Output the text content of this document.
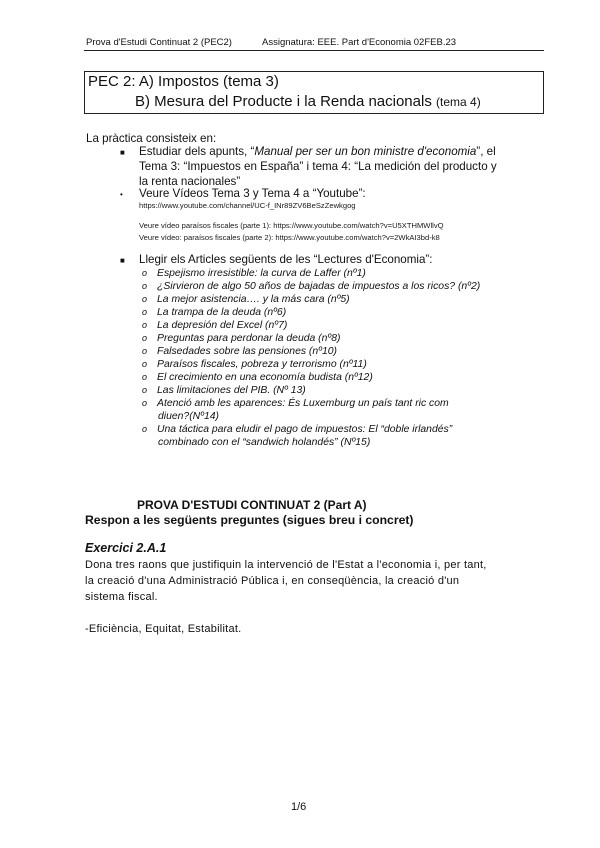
Prova d'Estudi Continuat 2 (PEC2)	Assignatura: EEE. Part d'Economia 02FEB.23
PEC 2: A) Impostos (tema 3)
B) Mesura del Producte i la Renda nacionals (tema 4)
La pràctica consisteix en:
■ Estudiar dels apunts, “Manual per ser un bon ministre d'economia”, el
Tema 3: “Impuestos en España” i tema 4: “La medición del producto y
la renta nacionales”
• Veure Vídeos Tema 3 y Tema 4 a “Youtube”:
https://www.youtube.com/channel/UC-f_INr89ZV6BeSzZewkgog
Veure vídeo paraísos fiscales (parte 1): https://www.youtube.com/watch?v=U5XTHMWllvQ
Veure vídeo: paraísos fiscales (parte 2): https://www.youtube.com/watch?v=2WkAI3bd-k8
■ Llegir els Articles següents de les “Lectures d'Economia”:
o Espejismo irresistible: la curva de Laffer (nº1)
o ¿Sirvieron de algo 50 años de bajadas de impuestos a los ricos? (nº2)
o La mejor asistencia…. y la más cara (nº5)
o La trampa de la deuda (nº6)
o La depresión del Excel (nº7)
o Preguntas para perdonar la deuda (nº8)
o Falsedades sobre las pensiones (nº10)
o Paraísos fiscales, pobreza y terrorismo (nº11)
o El crecimiento en una economía budista (nº12)
o Las limitaciones del PIB. (Nº 13)
o Atenció amb les aparences: És Luxemburg un país tant ric com
diuen?(Nº14)
o Una táctica para eludir el pago de impuestos: El “doble irlandés”
combinado con el “sandwich holandés” (Nº15)
PROVA D'ESTUDI CONTINUAT 2 (Part A)
Respon a les següents preguntes (sigues breu i concret)
Exercici 2.A.1
Dona tres raons que justifiquin la intervenció de l'Estat a l'economia i, per tant,
la creació d'una Administració Pública i, en conseqüència, la creació d'un
sistema fiscal.
-Eficiència, Equitat, Estabilitat.
1/6
